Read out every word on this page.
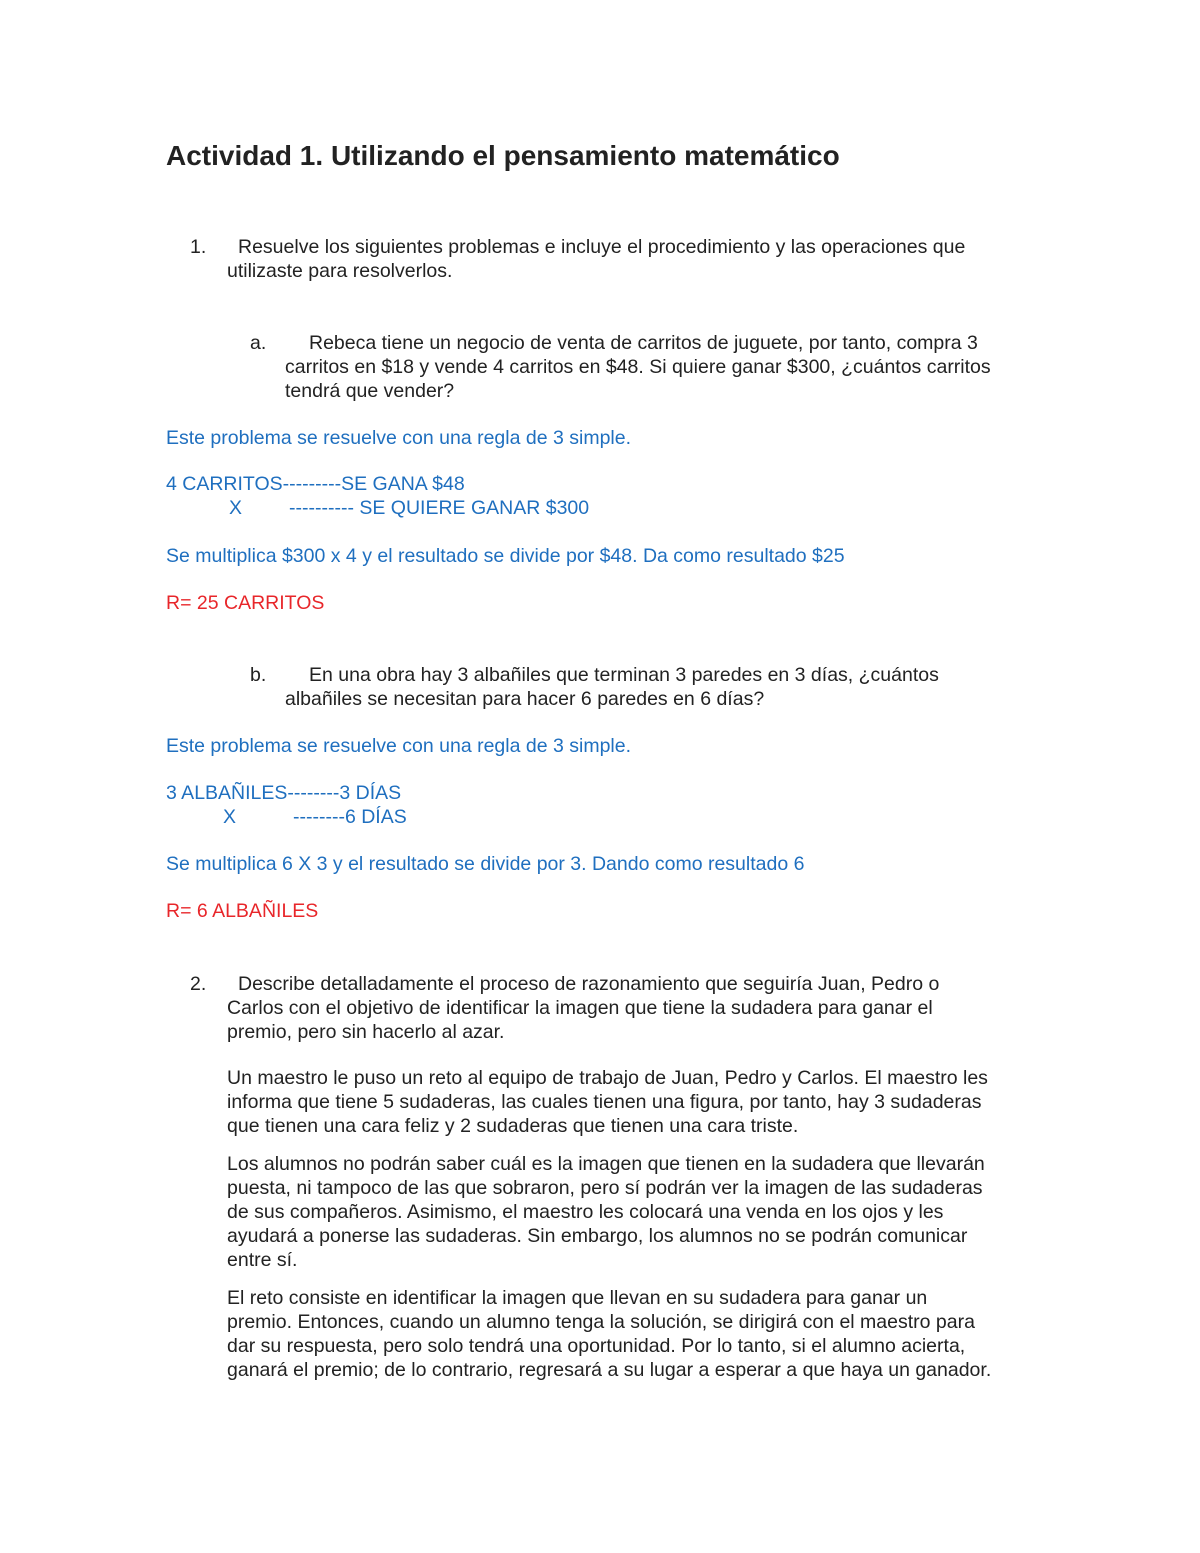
Actividad 1. Utilizando el pensamiento matemático
1. Resuelve los siguientes problemas e incluye el procedimiento y las operaciones que
utilizaste para resolverlos.
a. Rebeca tiene un negocio de venta de carritos de juguete, por tanto, compra 3
carritos en $18 y vende 4 carritos en $48. Si quiere ganar $300, ¿cuántos carritos
tendrá que vender?
Este problema se resuelve con una regla de 3 simple.
4 CARRITOS---------SE GANA $48
X ---------- SE QUIERE GANAR $300
Se multiplica $300 x 4 y el resultado se divide por $48. Da como resultado $25
R= 25 CARRITOS
b. En una obra hay 3 albañiles que terminan 3 paredes en 3 días, ¿cuántos
albañiles se necesitan para hacer 6 paredes en 6 días?
Este problema se resuelve con una regla de 3 simple.
3 ALBAÑILES--------3 DÍAS
X	--------6 DÍAS
Se multiplica 6 X 3 y el resultado se divide por 3. Dando como resultado 6
R= 6 ALBAÑILES
2. Describe detalladamente el proceso de razonamiento que seguiría Juan, Pedro o
Carlos con el objetivo de identificar la imagen que tiene la sudadera para ganar el
premio, pero sin hacerlo al azar.
Un maestro le puso un reto al equipo de trabajo de Juan, Pedro y Carlos. El maestro les
informa que tiene 5 sudaderas, las cuales tienen una figura, por tanto, hay 3 sudaderas
que tienen una cara feliz y 2 sudaderas que tienen una cara triste.
Los alumnos no podrán saber cuál es la imagen que tienen en la sudadera que llevarán
puesta, ni tampoco de las que sobraron, pero sí podrán ver la imagen de las sudaderas
de sus compañeros. Asimismo, el maestro les colocará una venda en los ojos y les
ayudará a ponerse las sudaderas. Sin embargo, los alumnos no se podrán comunicar
entre sí.
El reto consiste en identificar la imagen que llevan en su sudadera para ganar un
premio. Entonces, cuando un alumno tenga la solución, se dirigirá con el maestro para
dar su respuesta, pero solo tendrá una oportunidad. Por lo tanto, si el alumno acierta,
ganará el premio; de lo contrario, regresará a su lugar a esperar a que haya un ganador.
